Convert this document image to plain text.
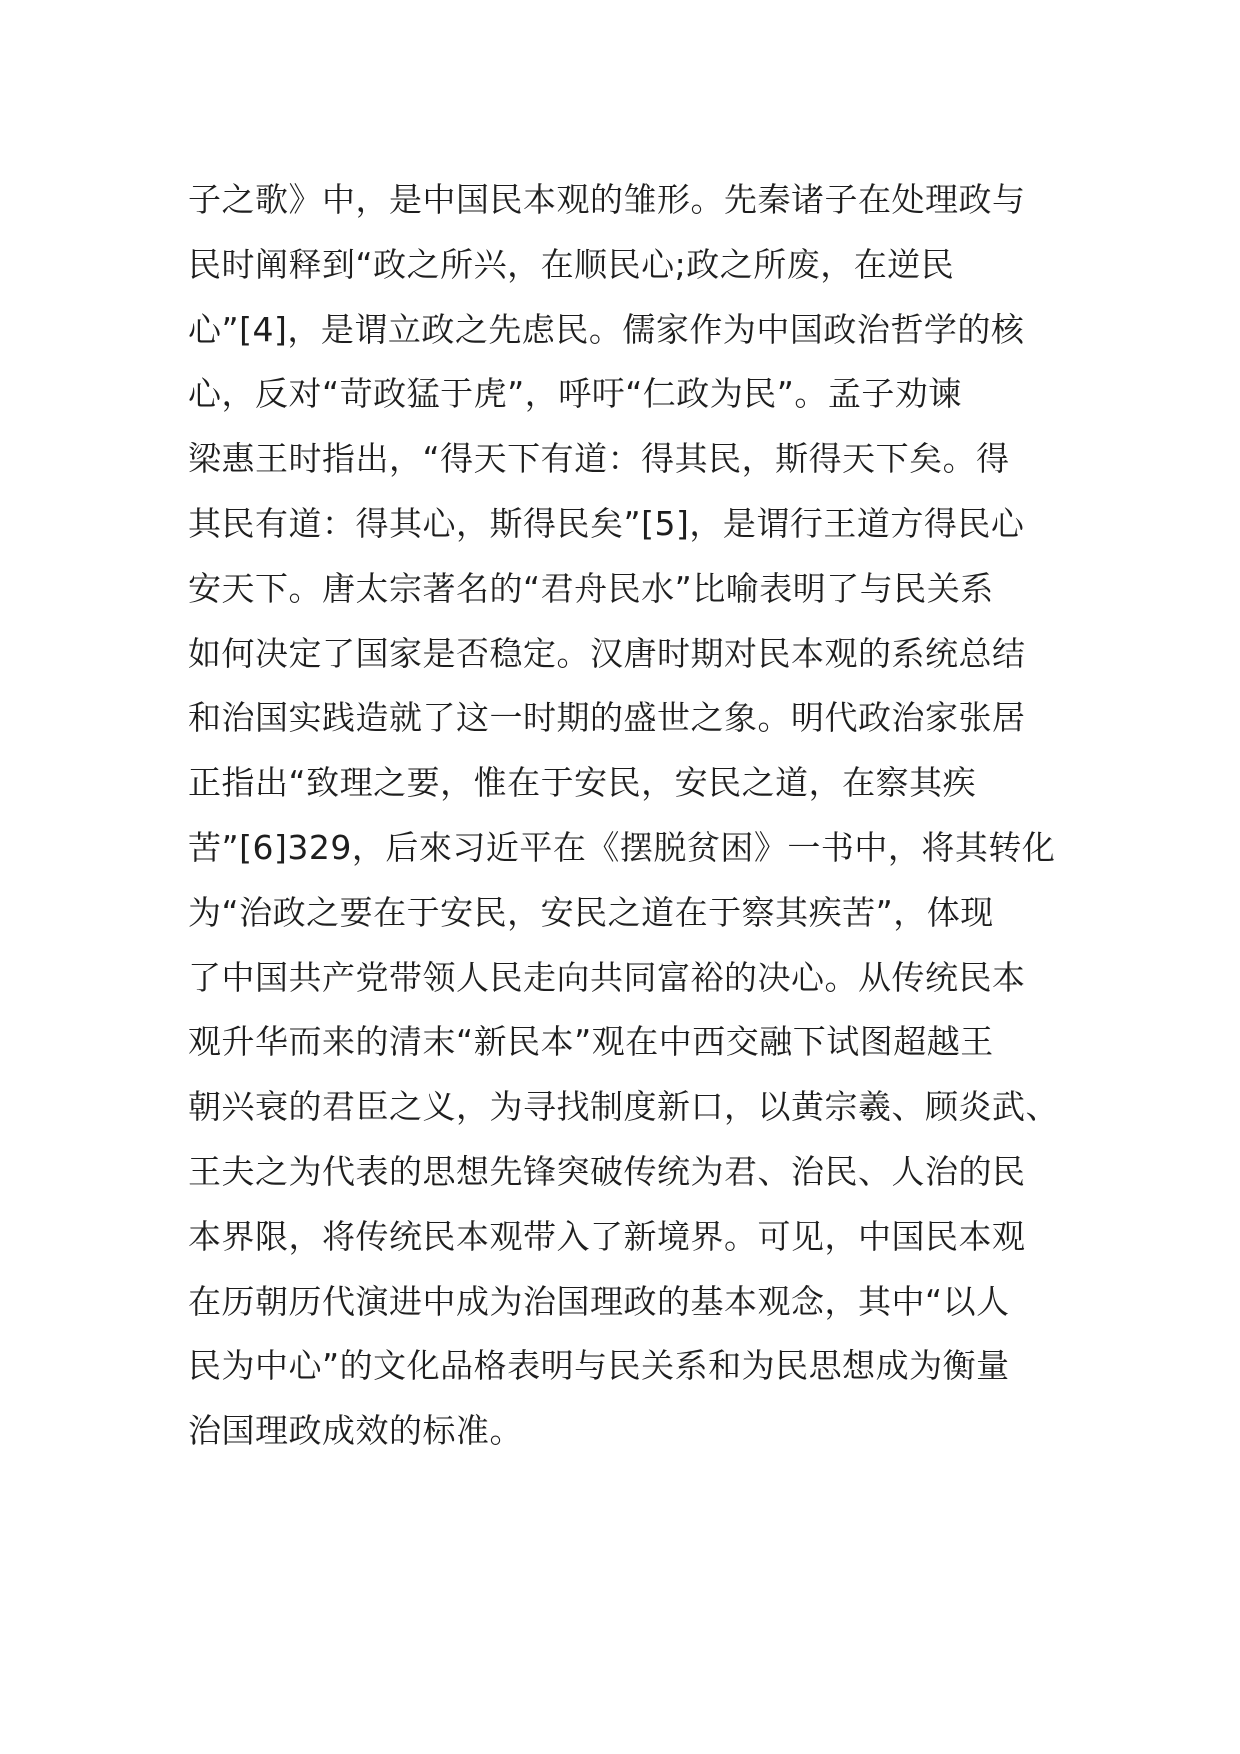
子之歌》中，是中国民本观的雏形。先秦诸子在处理政与
民时阐释到“政之所兴，在顺民心;政之所废，在逆民
心”[4]，是谓立政之先虑民。儒家作为中国政治哲学的核
心，反对“苛政猛于虎”，呼吁“仁政为民”。孟子劝谏
梁惠王时指出，“得天下有道：得其民，斯得天下矣。得
其民有道：得其心，斯得民矣”[5]，是谓行王道方得民心
安天下。唐太宗著名的“君舟民水”比喻表明了与民关系
如何决定了国家是否稳定。汉唐时期对民本观的系统总结
和治国实践造就了这一时期的盛世之象。明代政治家张居
正指出“致理之要，惟在于安民，安民之道，在察其疾
苦”[6]329，后來习近平在《摆脱贫困》一书中，将其转化
为“治政之要在于安民，安民之道在于察其疾苦”，体现
了中国共产党带领人民走向共同富裕的决心。从传统民本
观升华而来的清末“新民本”观在中西交融下试图超越王
朝兴衰的君臣之义，为寻找制度新口，以黄宗羲、顾炎武、
王夫之为代表的思想先锋突破传统为君、治民、人治的民
本界限，将传统民本观带入了新境界。可见，中国民本观
在历朝历代演进中成为治国理政的基本观念，其中“以人
民为中心”的文化品格表明与民关系和为民思想成为衡量
治国理政成效的标准。
